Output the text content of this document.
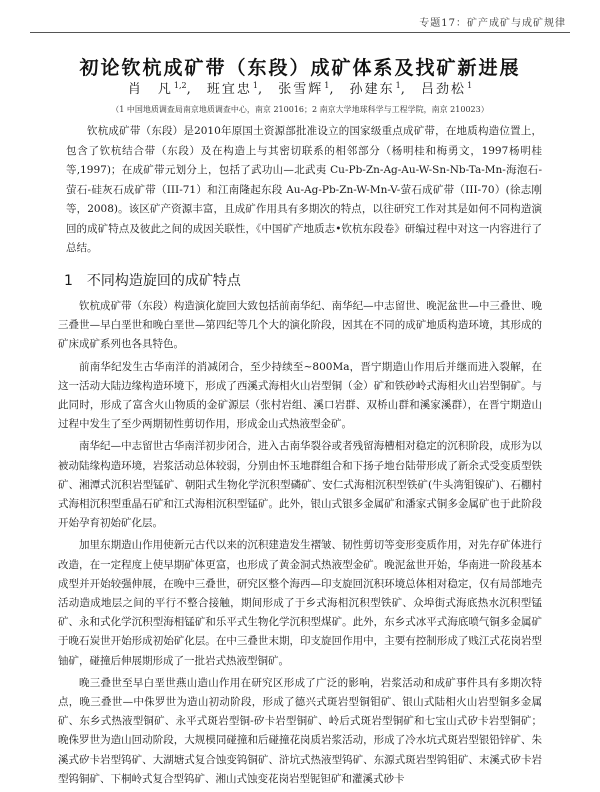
专题17：矿产成矿与成矿规律
初论钦杭成矿带（东段）成矿体系及找矿新进展
肖　凡$^{1,2}$, 班宜忠$^1$, 张雪辉$^1$, 孙建东$^1$, 吕劲松$^1$
（1 中国地质调查局南京地质调查中心，南京 210016；2 南京大学地球科学与工程学院，南京 210023）

钦杭成矿带（东段）是2010年原国土资源部批准设立的国家级重点成矿带，在地质构造位置上，包含了钦杭结合带（东段）及在构造上与其密切联系的相邻部分（杨明桂和梅勇文，1997杨明桂等,1997)；在成矿带元划分上，包括了武功山—北武夷 Cu-Pb-Zn-Ag-Au-W-Sn-Nb-Ta-Mn-海泡石-萤石-硅灰石成矿带（III-71）和江南隆起东段 Au-Ag-Pb-Zn-W-Mn-V-萤石成矿带（III-70）(徐志刚等，2008)。该区矿产资源丰富，且成矿作用具有多期次的特点，以往研究工作对其是如何不同构造演回的成矿特点及彼此之间的成因关联性，《中国矿产地质志•钦杭东段卷》研编过程中对这一内容进行了总结。

1 不同构造旋回的成矿特点

钦杭成矿带（东段）构造演化旋回大致包括前南华纪、南华纪—中志留世、晚泥盆世—中三叠世、晚三叠世—早白垩世和晚白垩世—第四纪等几个大的演化阶段，因其在不同的成矿地质构造环境，其形成的矿床成矿系列也各具特色。

前南华纪发生古华南洋的消减闭合，至少持续至~800Ma，晋宁期造山作用后并继而进入裂解，在这一活动大陆边缘构造环境下，形成了西溪式海相火山岩型铜（金）矿和铁砂岭式海相火山岩型铜矿。与此同时，形成了富含火山物质的金矿源层（张村岩组、溪口岩群、双桥山群和溪家溪群），在晋宁期造山过程中发生了至少两期韧性剪切作用，形成金山式热液型金矿。

南华纪—中志留世古华南洋初步闭合，进入古南华裂谷或者残留海槽相对稳定的沉积阶段，成形为以被动陆缘构造环境，岩浆活动总体较弱，分别由怀玉地群组合和下扬子地台陆带形成了新余式受变质型铁矿、湘潭式沉积岩型锰矿、朝阳式生物化学沉积型磷矿、安仁式海相沉积型铁矿(牛头湾钼镍矿)、石棚村式海相沉积型重晶石矿和江式海相沉积型锰矿。此外，银山式银多金属矿和潘家式铜多金属矿也于此阶段开始孕育初始矿化层。

加里东期造山作用使新元古代以来的沉积建造发生褶皱、韧性剪切等变形变质作用，对先存矿体进行改造，在一定程度上使早期矿体更富，也形成了黄金洞式热液型金矿。晚泥盆世开始，华南进一阶段基本成型并开始较强伸展，在晚中三叠世，研究区整个海西—印支旋回沉积环境总体相对稳定，仅有局部地壳活动造成地层之间的平行不整合接触，期间形成了于乡式海相沉积型铁矿、众埠街式海底热水沉积型锰矿、永和式化学沉积型海相锰矿和乐平式生物化学沉积型煤矿。此外，东乡式冰平式海底喷气铜多金属矿于晚石炭世开始形成初始矿化层。在中三叠世末期，印支旋回作用中，主要有控制形成了贱江式花岗岩型铀矿，碰撞后伸展期形成了一批岩式热液型铜矿。

晚三叠世至早白垩世燕山造山作用在研究区形成了广泛的影响，岩浆活动和成矿事件具有多期次特点，晚三叠世—中侏罗世为造山初动阶段，形成了德兴式斑岩型铜钼矿、银山式陆相火山岩型铜多金属矿、东乡式热液型铜矿、永平式斑岩型铜-矽卡岩型铜矿、岭后式斑岩型铜矿和七宝山式矽卡岩型铜矿；晚侏罗世为造山回动阶段，大规模同碰撞和后碰撞花岗质岩浆活动，形成了冷水坑式斑岩型银铅锌矿、朱溪式矽卡岩型钨矿、大湖塘式复合蚀变钨铜矿、浒坑式热液型钨矿、东源式斑岩型钨钼矿、末溪式矽卡岩型钨铜矿、下桐岭式复合型钨矿、湘山式蚀变花岗岩型铌钽矿和灌溪式砂卡
